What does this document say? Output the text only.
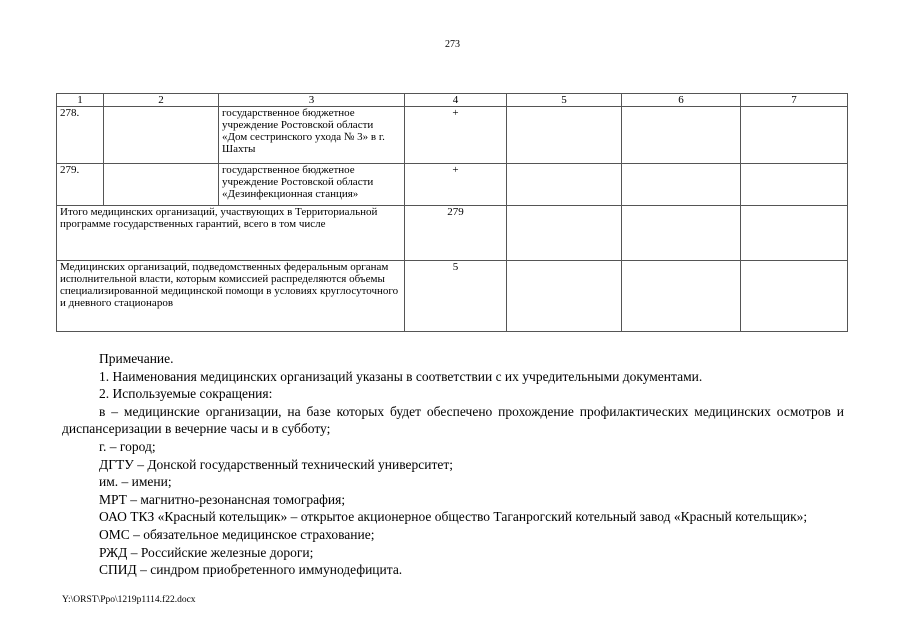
273
1	2	3	4	5	6	7
278.		государственное бюджетное учреждение Ростовской области «Дом сестринского ухода № 3» в г. Шахты	+			
279.		государственное бюджетное учреждение Ростовской области «Дезинфекционная станция»	+			
Итого медицинских организаций, участвующих в Территориальной программе государственных гарантий, всего в том числе			279			
Медицинских организаций, подведомственных федеральным органам исполнительной власти, которым комиссией распределяются объемы специализированной медицинской помощи в условиях круглосуточного и дневного стационаров			5			

Примечание.

1. Наименования медицинских организаций указаны в соответствии с их учредительными документами.

2. Используемые сокращения:

в – медицинские организации, на базе которых будет обеспечено прохождение профилактических медицинских осмотров и диспансеризации в вечерние часы и в субботу;

г. – город;

ДГТУ – Донской государственный технический университет;

им. – имени;

МРТ – магнитно-резонансная томография;

ОАО ТКЗ «Красный котельщик» – открытое акционерное общество Таганрогский котельный завод «Красный котельщик»;

ОМС – обязательное медицинское страхование;

РЖД – Российские железные дороги;

СПИД – синдром приобретенного иммунодефицита.

Y:\ORST\Ppo\1219p1114.f22.docx
